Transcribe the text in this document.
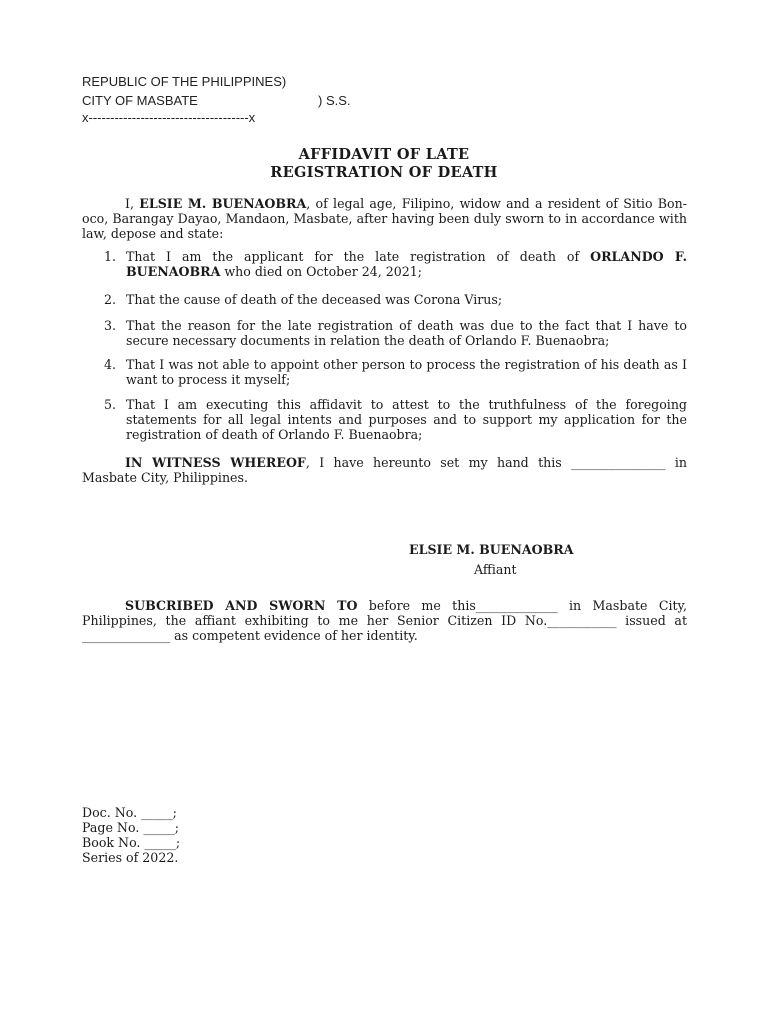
REPUBLIC OF THE PHILIPPINES)
CITY OF MASBATE	) S.S.
x-------------------------------------x
AFFIDAVIT OF LATE
REGISTRATION OF DEATH
I, ELSIE M. BUENAOBRA, of legal age, Filipino, widow and a resident of Sitio Bon-oco, Barangay Dayao, Mandaon, Masbate, after having been duly sworn to in accordance with law, depose and state:
1. That I am the applicant for the late registration of death of ORLANDO F. BUENAOBRA who died on October 24, 2021;
2. That the cause of death of the deceased was Corona Virus;
3. That the reason for the late registration of death was due to the fact that I have to secure necessary documents in relation the death of Orlando F. Buenaobra;
4. That I was not able to appoint other person to process the registration of his death as I want to process it myself;
5. That I am executing this affidavit to attest to the truthfulness of the foregoing statements for all legal intents and purposes and to support my application for the registration of death of Orlando F. Buenaobra;
IN WITNESS WHEREOF, I have hereunto set my hand this _______________ in Masbate City, Philippines.
ELSIE M. BUENAOBRA
Affiant
SUBCRIBED AND SWORN TO before me this_____________ in Masbate City, Philippines, the affiant exhibiting to me her Senior Citizen ID No.___________ issued at ______________ as competent evidence of her identity.
Doc. No. _____;
Page No. _____;
Book No. _____;
Series of 2022.
